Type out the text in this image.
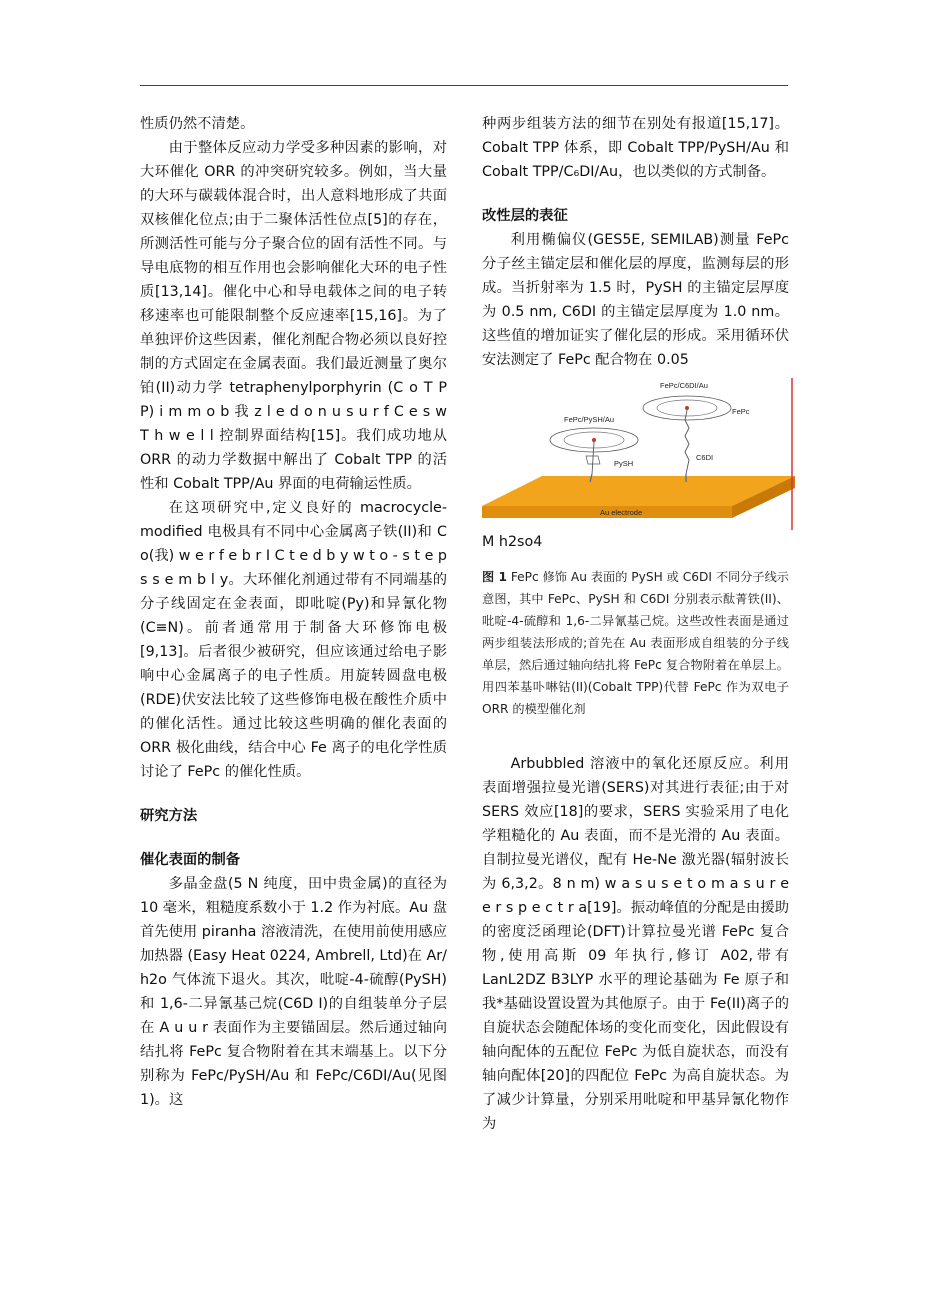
性质仍然不清楚。

由于整体反应动力学受多种因素的影响，对大环催化 ORR 的冲突研究较多。例如，当大量的大环与碳载体混合时，出人意料地形成了共面双核催化位点;由于二聚体活性位点[5]的存在，所测活性可能与分子聚合位的固有活性不同。与导电底物的相互作用也会影响催化大环的电子性质[13,14]。催化中心和导电载体之间的电子转移速率也可能限制整个反应速率[15,16]。为了单独评价这些因素，催化剂配合物必须以良好控制的方式固定在金属表面。我们最近测量了奥尔铂(II)动力学 tetraphenylporphyrin (C o T P P) i m m o b 我 z l e d o n u s u r f C e s w T h w e l l 控制界面结构[15]。我们成功地从 ORR 的动力学数据中解出了 Cobalt TPP 的活性和 Cobalt TPP/Au 界面的电荷输运性质。

在这项研究中,定义良好的 macrocycle-modified 电极具有不同中心金属离子铁(II)和 C o(我) w e r f e b r I C t e d b y w t o - s t e p s s e m b l y。大环催化剂通过带有不同端基的分子线固定在金表面，即吡啶(Py)和异氰化物(C≡N)。前者通常用于制备大环修饰电极[9,13]。后者很少被研究，但应该通过给电子影响中心金属离子的电子性质。用旋转圆盘电极(RDE)伏安法比较了这些修饰电极在酸性介质中的催化活性。通过比较这些明确的催化表面的 ORR 极化曲线，结合中心 Fe 离子的电化学性质讨论了 FePc 的催化性质。

研究方法

催化表面的制备

多晶金盘(5 N 纯度，田中贵金属)的直径为 10 毫米，粗糙度系数小于 1.2 作为衬底。Au 盘首先使用 piranha 溶液清洗，在使用前使用感应加热器 (Easy Heat 0224, Ambrell, Ltd)在 Ar/ h2o 气体流下退火。其次，吡啶-4-硫醇(PySH)和 1,6-二异氰基己烷(C6D I)的自组装单分子层在 A u u r 表面作为主要锚固层。然后通过轴向结扎将 FePc 复合物附着在其末端基上。以下分别称为 FePc/PySH/Au 和 FePc/C6DI/Au(见图 1)。这

种两步组装方法的细节在别处有报道[15,17]。Cobalt TPP 体系，即 Cobalt TPP/PySH/Au 和 Cobalt TPP/C₆DI/Au，也以类似的方式制备。

改性层的表征

利用椭偏仪(GES5E, SEMILAB)测量 FePc 分子丝主锚定层和催化层的厚度，监测每层的形成。当折射率为 1.5 时，PySH 的主锚定层厚度为 0.5 nm, C6DI 的主锚定层厚度为 1.0 nm。这些值的增加证实了催化层的形成。采用循环伏安法测定了 FePc 配合物在 0.05

Au electrode
FePc/PySH/Au
PySH
FePc/C6DI/Au
FePc
C6DI

M h2so4

图 1 FePc 修饰 Au 表面的 PySH 或 C6DI 不同分子线示意图，其中 FePc、PySH 和 C6DI 分别表示酞菁铁(II)、吡啶-4-硫醇和 1,6-二异氰基己烷。这些改性表面是通过两步组装法形成的;首先在 Au 表面形成自组装的分子线单层，然后通过轴向结扎将 FePc 复合物附着在单层上。用四苯基卟啉钴(II)(Cobalt TPP)代替 FePc 作为双电子 ORR 的模型催化剂

Arbubbled 溶液中的氧化还原反应。利用表面增强拉曼光谱(SERS)对其进行表征;由于对 SERS 效应[18]的要求，SERS 实验采用了电化学粗糙化的 Au 表面，而不是光滑的 Au 表面。自制拉曼光谱仪，配有 He-Ne 激光器(辐射波长为 6,3,2。8 n m) w a s u s e t o m a s u r e e r s p e c t r a[19]。振动峰值的分配是由援助的密度泛函理论(DFT)计算拉曼光谱 FePc 复合物,使用高斯 09 年执行,修订 A02,带有 LanL2DZ B3LYP 水平的理论基础为 Fe 原子和我*基础设置设置为其他原子。由于 Fe(II)离子的自旋状态会随配体场的变化而变化，因此假设有轴向配体的五配位 FePc 为低自旋状态，而没有轴向配体[20]的四配位 FePc 为高自旋状态。为了减少计算量，分别采用吡啶和甲基异氰化物作为
